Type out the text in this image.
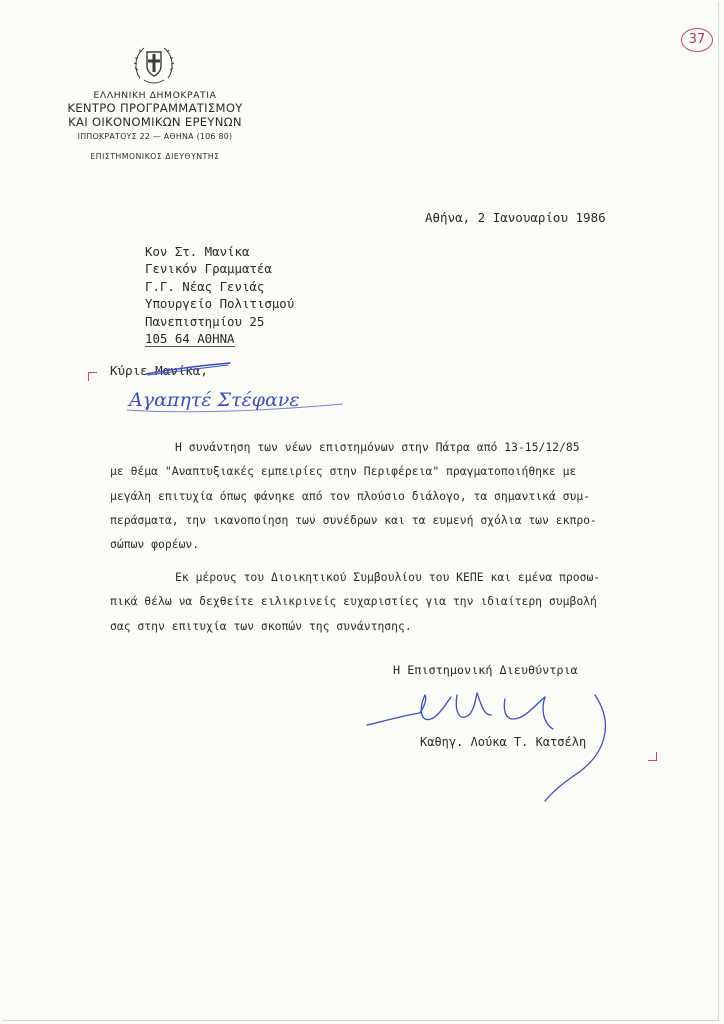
37
ΕΛΛΗΝΙΚΗ ΔΗΜΟΚΡΑΤΙΑ
ΚΕΝΤΡΟ ΠΡΟΓΡΑΜΜΑΤΙΣΜΟΥ
ΚΑΙ ΟΙΚΟΝΟΜΙΚΩΝ ΕΡΕΥΝΩΝ
ΙΠΠΟΚΡΑΤΟΥΣ 22 — ΑΘΗΝΑ (106 80)
ΕΠΙΣΤΗΜΟΝΙΚΟΣ ΔΙΕΥΘΥΝΤΗΣ
Αθήνα, 2 Ιανουαρίου 1986
Κον Στ. Μανίκα
Γενικόν Γραμματέα
Γ.Γ. Νέας Γενιάς
Υπουργείο Πολιτισμού
Πανεπιστημίου 25
105 64 ΑΘΗΝΑ
Κύριε Μανίκα,
Αγαπητέ Στέφανε
Η συνάντηση των νέων επιστημόνων στην Πάτρα από 13-15/12/85
με θέμα "Αναπτυξιακές εμπειρίες στην Περιφέρεια" πραγματοποιήθηκε με
μεγάλη επιτυχία όπως φάνηκε από τον πλούσιο διάλογο, τα σημαντικά συμ-
περάσματα, την ικανοποίηση των συνέδρων και τα ευμενή σχόλια των εκπρο-
σώπων φορέων.
Εκ μέρους του Διοικητικού Συμβουλίου του ΚΕΠΕ και εμένα προσω-
πικά θέλω να δεχθείτε ειλικρινείς ευχαριστίες για την ιδιαίτερη συμβολή
σας στην επιτυχία των σκοπών της συνάντησης.
Η Επιστημονική Διευθύντρια
Καθηγ. Λούκα Τ. Κατσέλη
